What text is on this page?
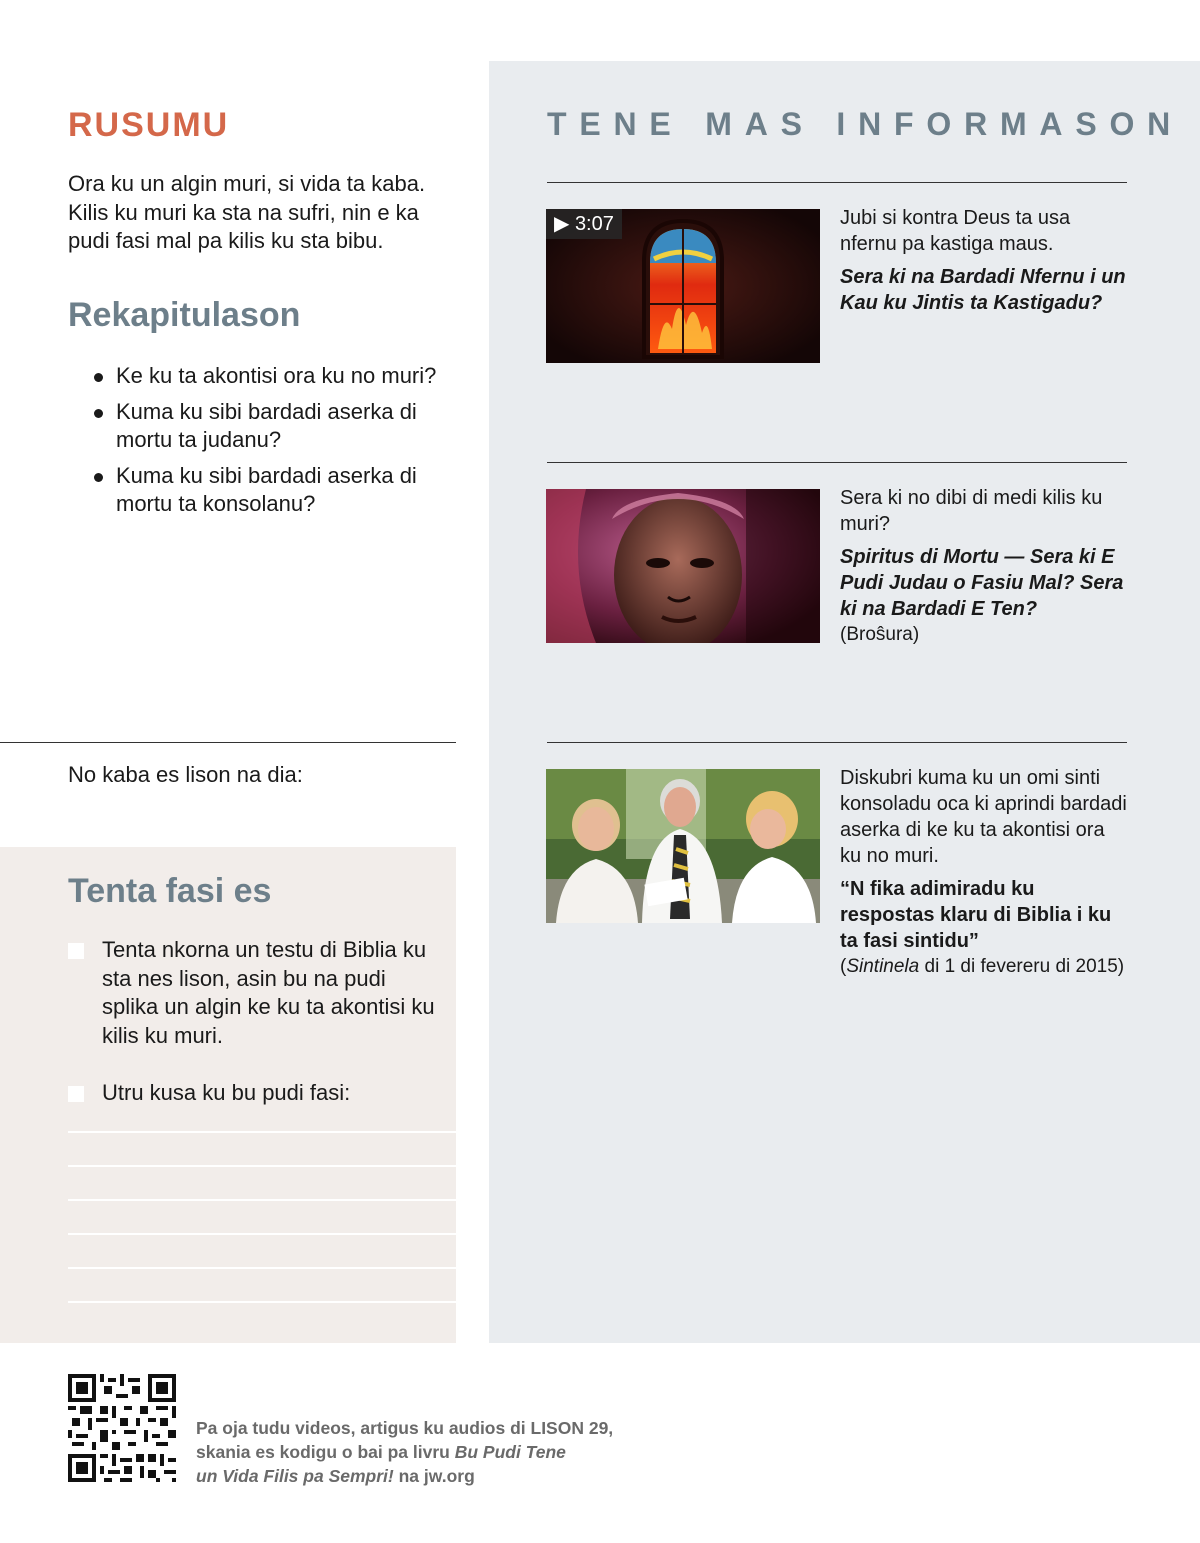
RUSUMU

Ora ku un algin muri, si vida ta kaba. Kilis ku muri ka sta na sufri, nin e ka pudi fasi mal pa kilis ku sta bibu.

Rekapitulason
Ke ku ta akontisi ora ku no muri?
Kuma ku sibi bardadi aserka di mortu ta judanu?
Kuma ku sibi bardadi aserka di mortu ta konsolanu?
No kaba es lison na dia:
Tenta fasi es
Tenta nkorna un testu di Biblia ku sta nes lison, asin bu na pudi splika un algin ke ku ta akontisi ku kilis ku muri.
Utru kusa ku bu pudi fasi:
TENE MAS INFORMASON
▶ 3:07	Jubi si kontra Deus ta usa nfernu pa kastiga maus.
Sera ki na Bardadi Nfernu i un Kau ku Jintis ta Kastigadu?
Sera ki no dibi di medi kilis ku muri?
Spiritus di Mortu — Sera ki E Pudi Judau o Fasiu Mal? Sera ki na Bardadi E Ten?
(Broŝura)
Diskubri kuma ku un omi sinti konsoladu oca ki aprindi bardadi aserka di ke ku ta akontisi ora ku no muri.
“N fika adimiradu ku respostas klaru di Biblia i ku ta fasi sintidu”
(Sintinela di 1 di fevereru di 2015)
Pa oja tudu videos, artigus ku audios di LISON 29,
skania es kodigu o bai pa livru Bu Pudi Tene
un Vida Filis pa Sempri! na jw.org
